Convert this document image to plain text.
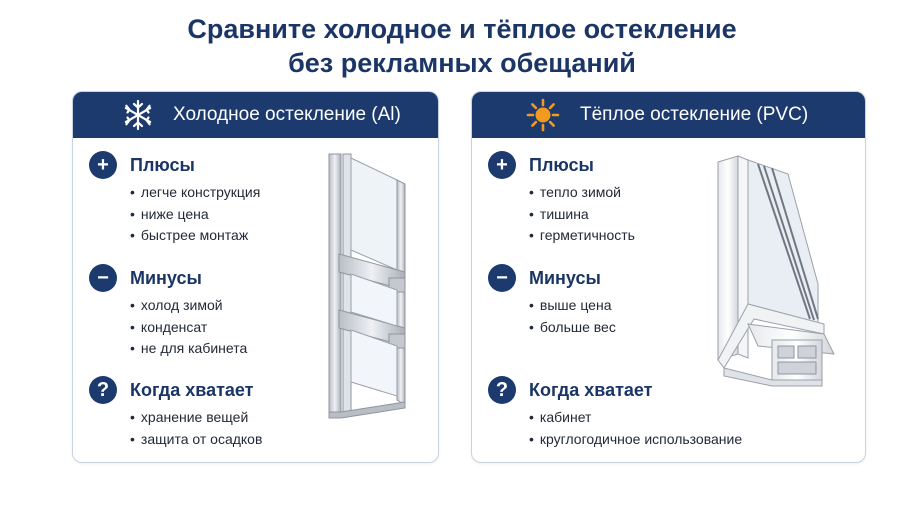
Сравните холодное и тёплое остекление
без рекламных обещаний
Холодное остекление (Al)
+	Плюсы
• легче конструкция
• ниже цена
• быстрее монтаж
−	Минусы
• холод зимой
• конденсат
• не для кабинета
?	Когда хватает
• хранение вещей
• защита от осадков
Тёплое остекление (PVC)
+	Плюсы
• тепло зимой
• тишина
• герметичность
−	Минусы
• выше цена
• больше вес
?	Когда хватает
• кабинет
• круглогодичное использование
